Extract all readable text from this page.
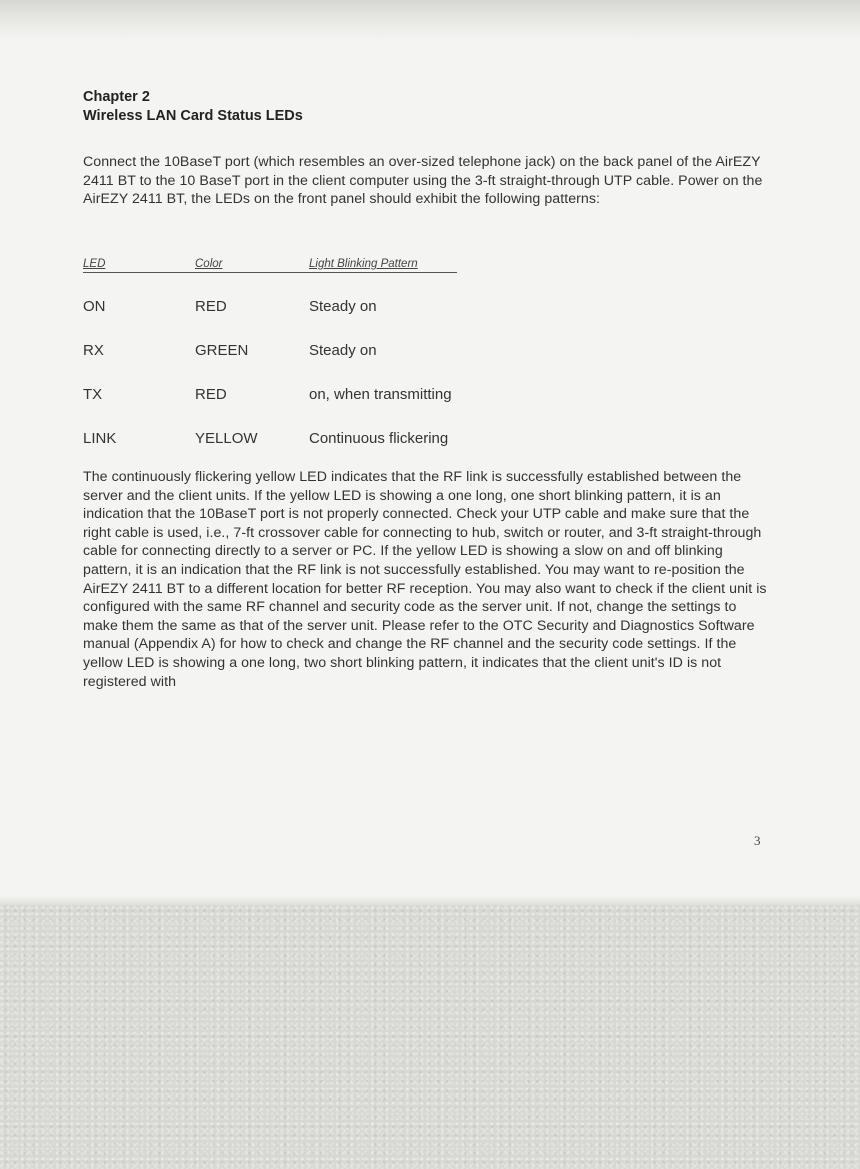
Chapter 2

Wireless LAN Card Status LEDs

Connect the 10BaseT port (which resembles an over-sized telephone jack) on the back panel of the AirEZY 2411 BT to the 10 BaseT port in the client computer using the 3-ft straight-through UTP cable. Power on the AirEZY 2411 BT, the LEDs on the front panel should exhibit the following patterns:

LED	Color	Light Blinking Pattern
ON	RED	Steady on
RX	GREEN	Steady on
TX	RED	on, when transmitting
LINK	YELLOW	Continuous flickering

The continuously flickering yellow LED indicates that the RF link is successfully established between the server and the client units. If the yellow LED is showing a one long, one short blinking pattern, it is an indication that the 10BaseT port is not properly connected. Check your UTP cable and make sure that the right cable is used, i.e., 7-ft crossover cable for connecting to hub, switch or router, and 3-ft straight-through cable for connecting directly to a server or PC. If the yellow LED is showing a slow on and off blinking pattern, it is an indication that the RF link is not successfully established. You may want to re-position the AirEZY 2411 BT to a different location for better RF reception. You may also want to check if the client unit is configured with the same RF channel and security code as the server unit. If not, change the settings to make them the same as that of the server unit. Please refer to the OTC Security and Diagnostics Software manual (Appendix A) for how to check and change the RF channel and the security code settings. If the yellow LED is showing a one long, two short blinking pattern, it indicates that the client unit's ID is not registered with

3
